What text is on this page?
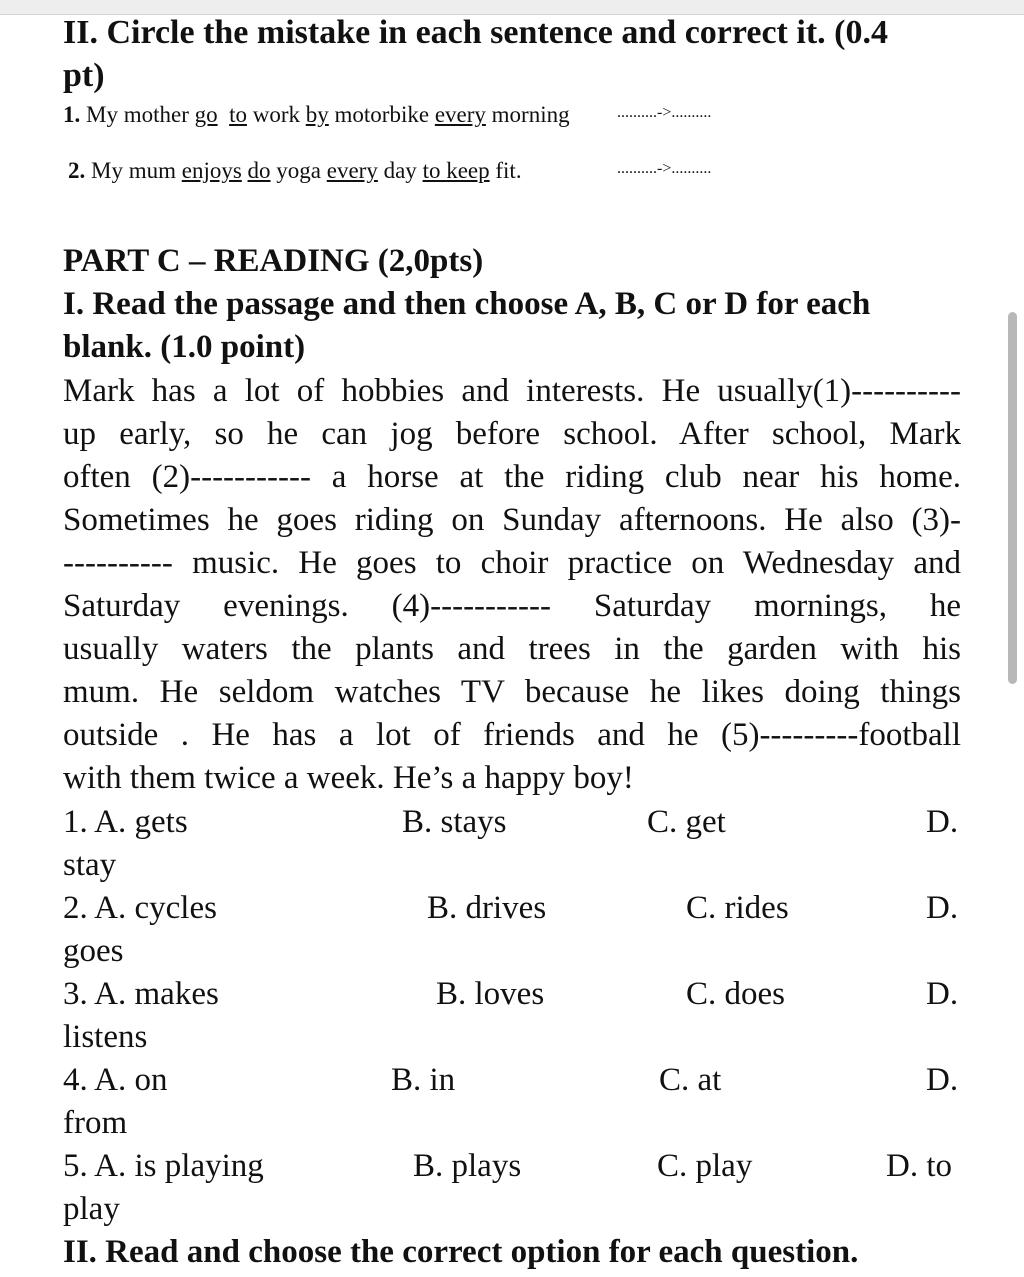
II. Circle the mistake in each sentence and correct it. (0.4
pt)
1. My mother go to work by motorbike every morning	..........->..........
2. My mum enjoys do yoga every day to keep fit.	..........->..........
PART C – READING (2,0pts)
I. Read the passage and then choose A, B, C or D for each
blank. (1.0 point)
Mark has a lot of hobbies and interests. He usually(1)----------
up early, so he can jog before school. After school, Mark
often (2)----------- a horse at the riding club near his home.
Sometimes he goes riding on Sunday afternoons. He also (3)-
---------- music. He goes to choir practice on Wednesday and
Saturday evenings. (4)----------- Saturday mornings, he
usually waters the plants and trees in the garden with his
mum. He seldom watches TV because he likes doing things
outside . He has a lot of friends and he (5)---------football
with them twice a week. He’s a happy boy!
1. A. gets	B. stays	C. get	D.
stay
2. A. cycles	B. drives	C. rides	D.
goes
3. A. makes	B. loves	C. does	D.
listens
4. A. on	B. in	C. at	D.
from
5. A. is playing	B. plays	C. play	D. to
play
II. Read and choose the correct option for each question.
